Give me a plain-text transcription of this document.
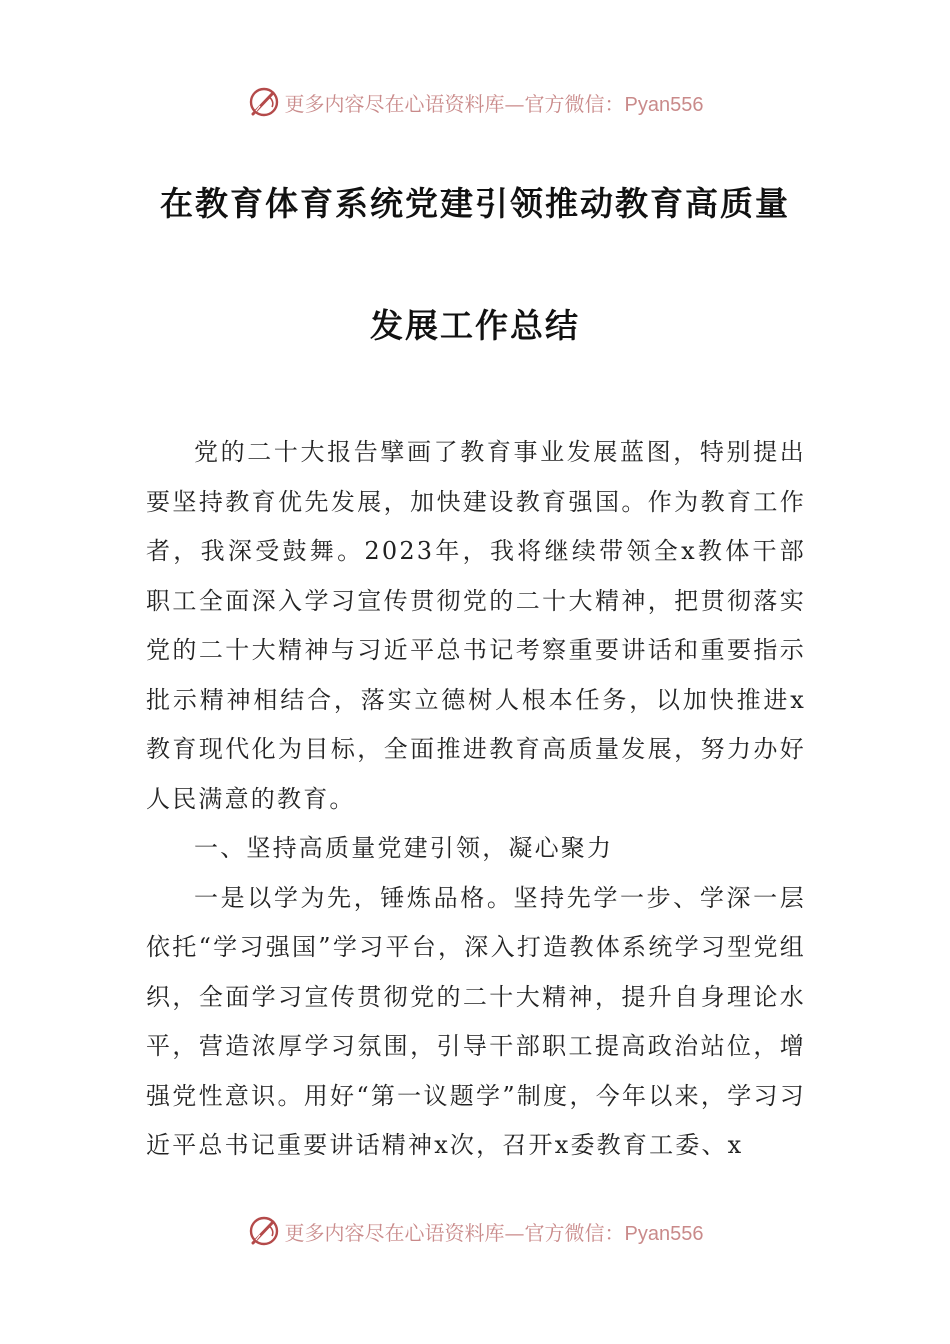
更多内容尽在心语资料库— 官方微信：Pyan556
在教育体育系统党建引领推动教育高质量
发展工作总结

党的二十大报告擘画了教育事业发展蓝图，特别提出要坚持教育优先发展，加快建设教育强国。作为教育工作者，我深受鼓舞。2023年，我将继续带领全x教体干部职工全面深入学习宣传贯彻党的二十大精神，把贯彻落实党的二十大精神与习近平总书记考察重要讲话和重要指示批示精神相结合，落实立德树人根本任务，以加快推进x教育现代化为目标，全面推进教育高质量发展，努力办好人民满意的教育。

一、坚持高质量党建引领，凝心聚力

一是以学为先，锤炼品格。坚持先学一步、学深一层依托“学习强国”学习平台，深入打造教体系统学习型党组织，全面学习宣传贯彻党的二十大精神，提升自身理论水平，营造浓厚学习氛围，引导干部职工提高政治站位，增强党性意识。用好“第一议题学”制度，今年以来，学习习近平总书记重要讲话精神x次，召开x委教育工委、x

更多内容尽在心语资料库— 官方微信：Pyan556
